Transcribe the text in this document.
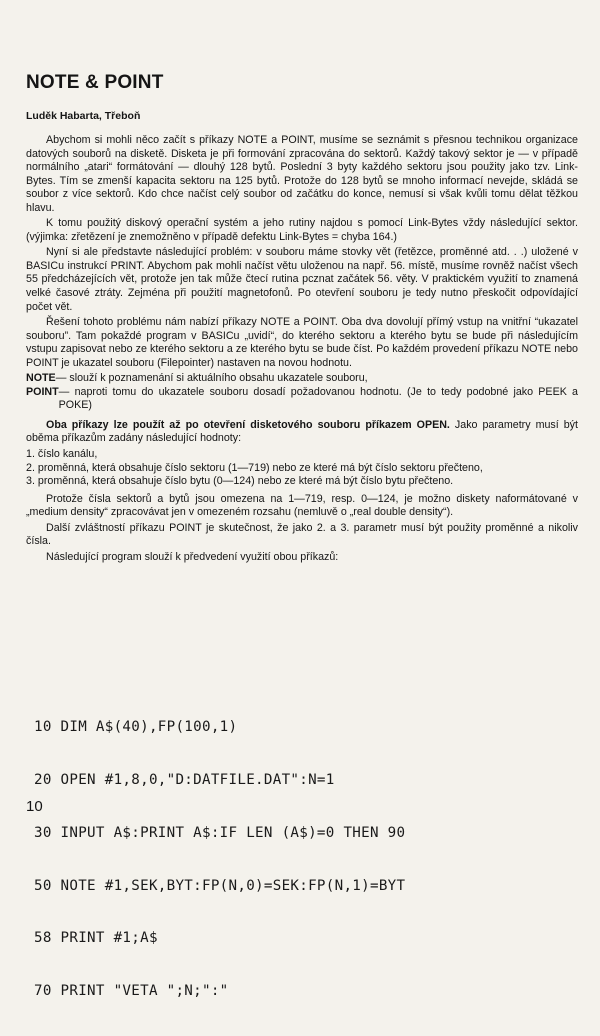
NOTE & POINT
Luděk Habarta, Třeboň

Abychom si mohli něco začít s příkazy NOTE a POINT, musíme se seznámit s přesnou technikou organizace datových souborů na disketě. Disketa je při formování zpracována do sektorů. Každý takový sektor je — v případě normálního „atari“ formátování — dlouhý 128 bytů. Poslední 3 byty každého sektoru jsou použity jako tzv. Link-Bytes. Tím se zmenší kapacita sektoru na 125 bytů. Protože do 128 bytů se mnoho informací nevejde, skládá se soubor z více sektorů. Kdo chce načíst celý soubor od začátku do konce, nemusí si však kvůli tomu dělat těžkou hlavu.

K tomu použitý diskový operační systém a jeho rutiny najdou s pomocí Link-Bytes vždy následující sektor. (výjimka: zřetězení je znemožněno v případě defektu Link-Bytes = chyba 164.)

Nyní si ale představte následující problém: v souboru máme stovky vět (řetězce, proměnné atd. . .) uložené v BASICu instrukcí PRINT. Abychom pak mohli načíst větu uloženou na např. 56. místě, musíme rovněž načíst všech 55 předcházejících vět, protože jen tak může čtecí rutina pcznat začátek 56. věty. V praktickém využití to znamená velké časové ztráty. Zejména při použití magnetofonů. Po otevření souboru je tedy nutno přeskočit odpovídající počet vět.

Řešení tohoto problému nám nabízí příkazy NOTE a POINT. Oba dva dovolují přímý vstup na vnitřní “ukazatel souboru”. Tam pokaždé program v BASICu „uvidí“, do kterého sektoru a kterého bytu se bude při následujícím vstupu zapisovat nebo ze kterého sektoru a ze kterého bytu se bude číst. Po každém provedení příkazu NOTE nebo POINT je ukazatel souboru (Filepointer) nastaven na novou hodnotu.

NOTE — slouží k poznamenání si aktuálního obsahu ukazatele souboru,
POINT — naproti tomu do ukazatele souboru dosadí požadovanou hodnotu. (Je to tedy podobné jako PEEK a POKE)

Oba příkazy lze použít až po otevření disketového souboru příkazem OPEN. Jako parametry musí být oběma příkazům zadány následující hodnoty:

1. číslo kanálu,
2. proměnná, která obsahuje číslo sektoru (1—719) nebo ze které má být číslo sektoru přečteno,
3. proměnná, která obsahuje číslo bytu (0—124) nebo ze které má být číslo bytu přečteno.

Protože čísla sektorů a bytů jsou omezena na 1—719, resp. 0—124, je možno diskety naformátované v „medium density“ zpracovávat jen v omezeném rozsahu (nemluvě o „real double density“).

Další zvláštností příkazu POINT je skutečnost, že jako 2. a 3. parametr musí být použity proměnné a nikoliv čísla.

Následující program slouží k předvedení využití obou příkazů:

10 DIM A$(40),FP(100,1)

20 OPEN #1,8,0,"D:DATFILE.DAT":N=1

30 INPUT A$:PRINT A$:IF LEN (A$)=0 THEN 90

50 NOTE #1,SEK,BYT:FP(N,0)=SEK:FP(N,1)=BYT

58 PRINT #1;A$

70 PRINT "VETA ";N;":"

10
